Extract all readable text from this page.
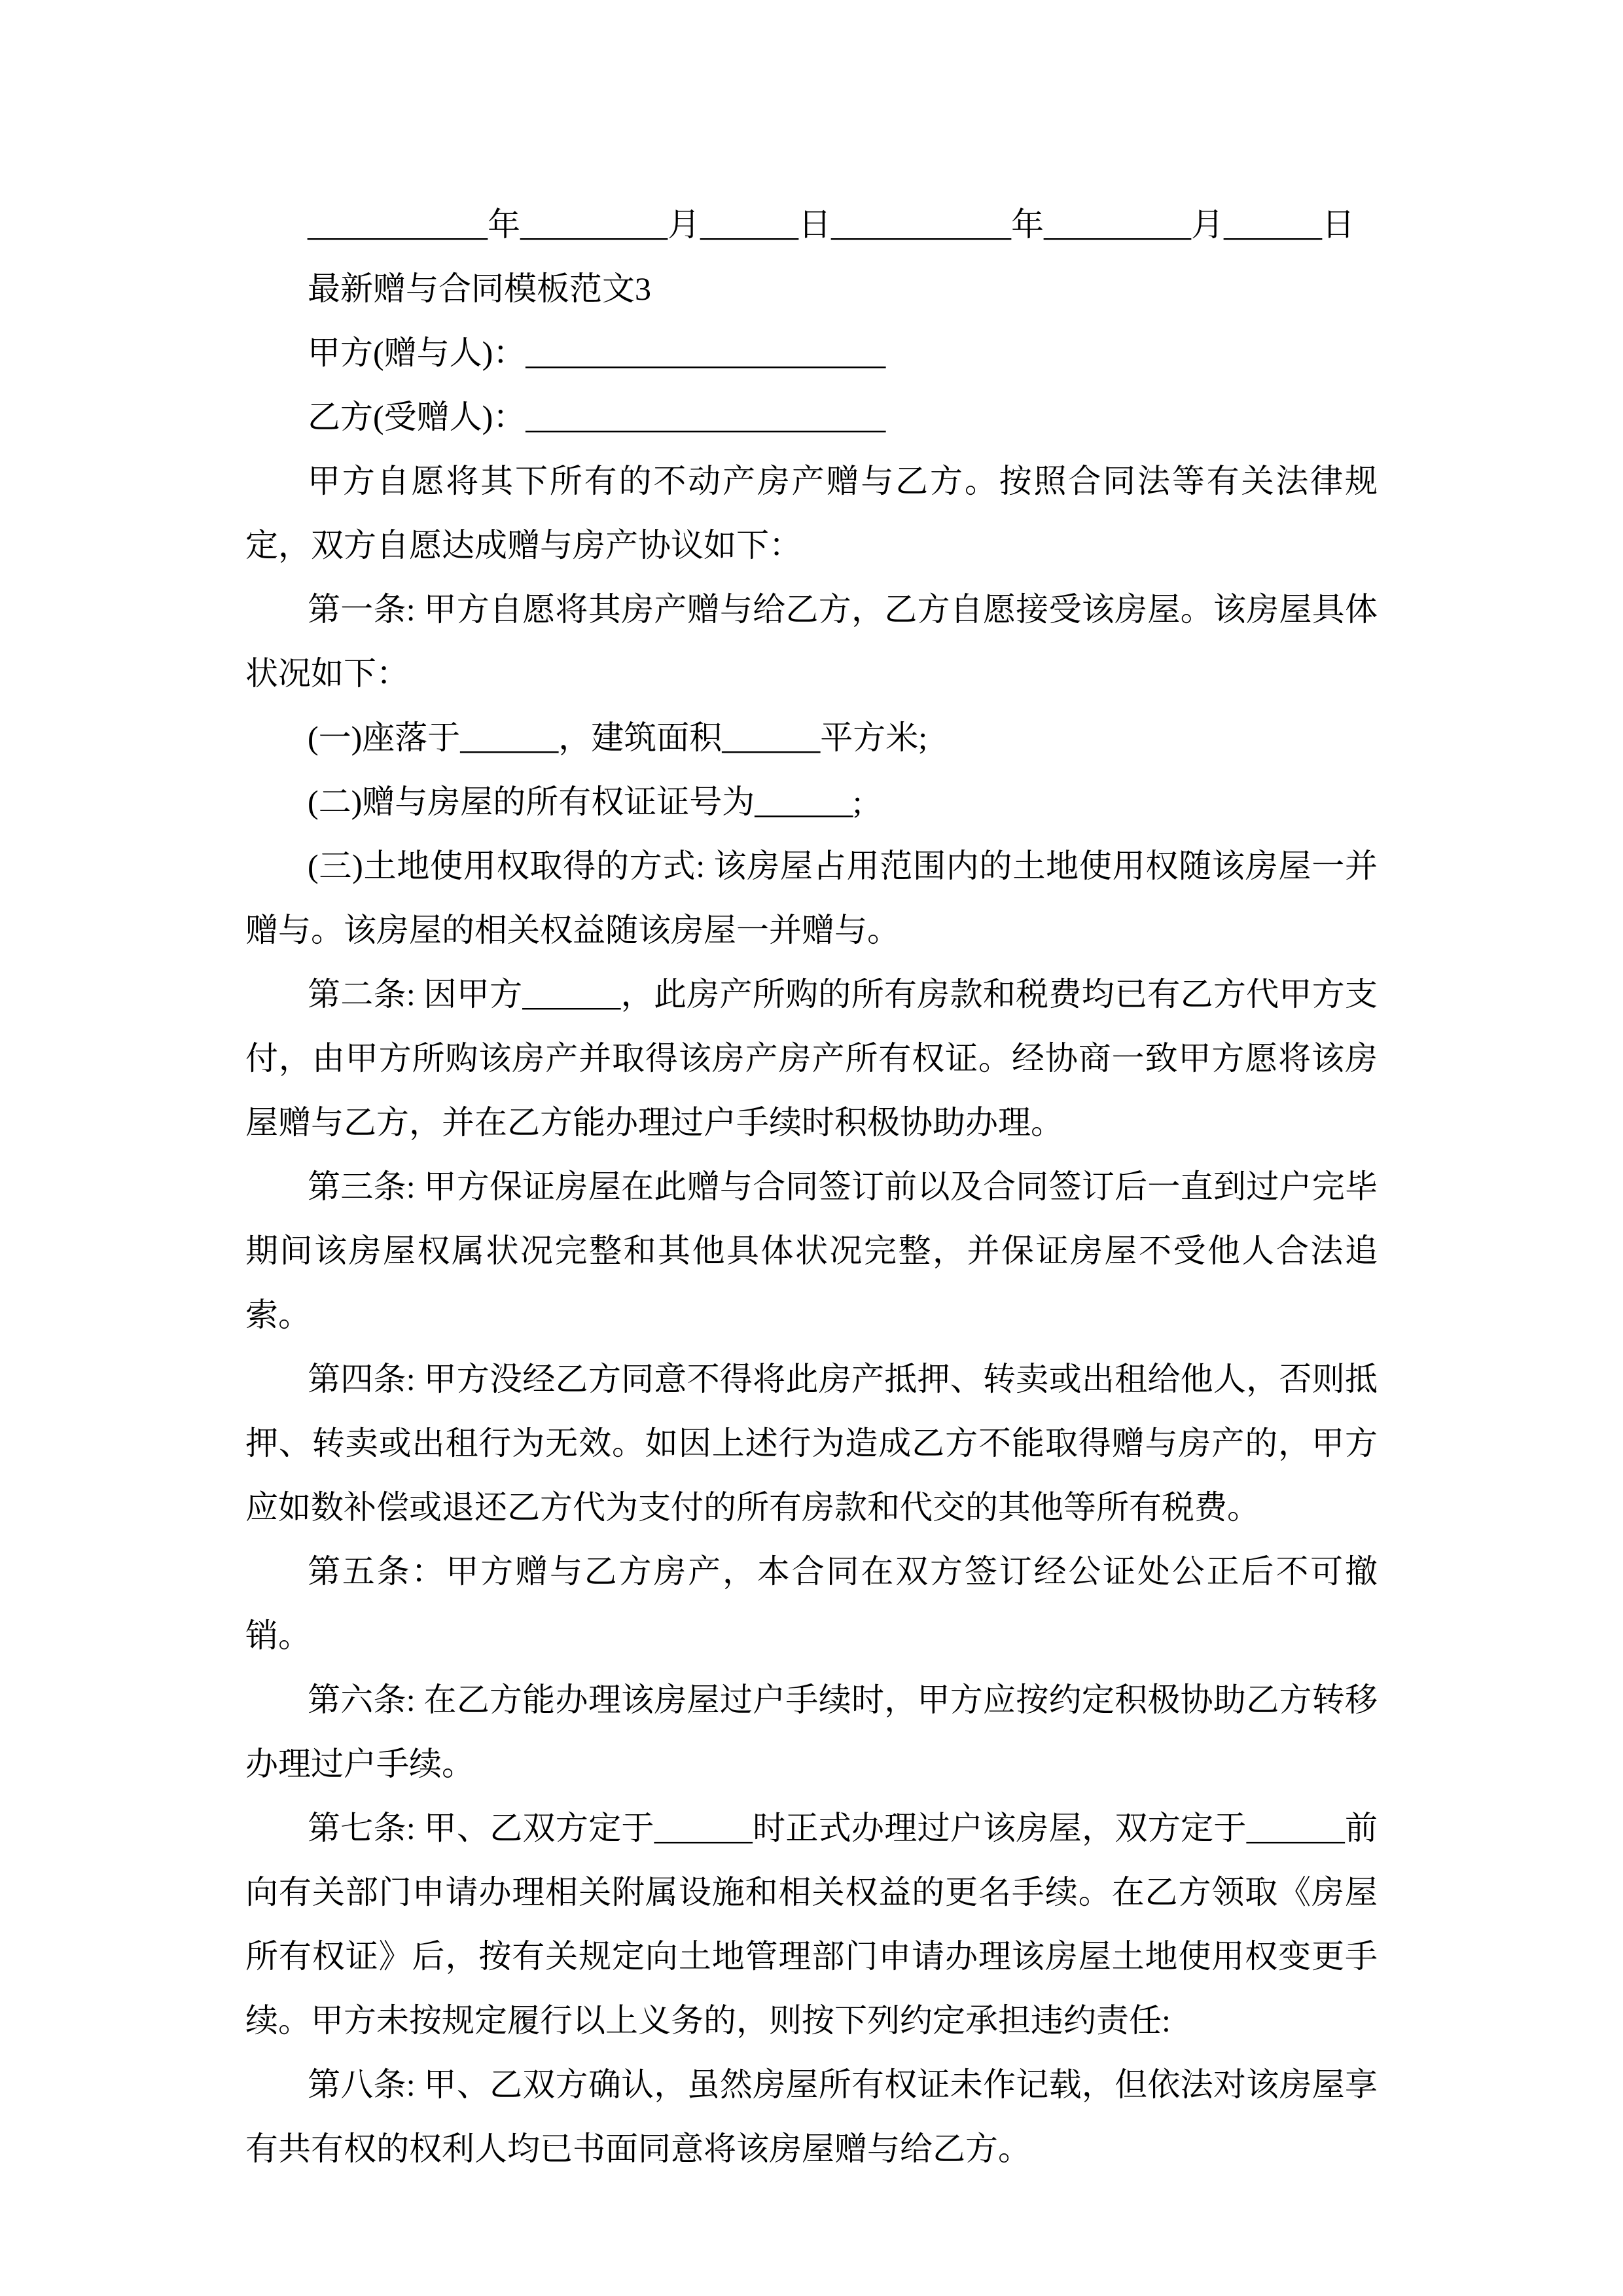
___________年_________月______日___________年_________月______日

最新赠与合同模板范文3

甲方(赠与人)：______________________

乙方(受赠人)：______________________

甲方自愿将其下所有的不动产房产赠与乙方。按照合同法等有关法律规定，双方自愿达成赠与房产协议如下：

第一条: 甲方自愿将其房产赠与给乙方，乙方自愿接受该房屋。该房屋具体状况如下：

(一)座落于______，建筑面积______平方米;

(二)赠与房屋的所有权证证号为______;

(三)土地使用权取得的方式: 该房屋占用范围内的土地使用权随该房屋一并赠与。该房屋的相关权益随该房屋一并赠与。

第二条: 因甲方______，此房产所购的所有房款和税费均已有乙方代甲方支付，由甲方所购该房产并取得该房产房产所有权证。经协商一致甲方愿将该房屋赠与乙方，并在乙方能办理过户手续时积极协助办理。

第三条: 甲方保证房屋在此赠与合同签订前以及合同签订后一直到过户完毕期间该房屋权属状况完整和其他具体状况完整，并保证房屋不受他人合法追索。

第四条: 甲方没经乙方同意不得将此房产抵押、转卖或出租给他人，否则抵押、转卖或出租行为无效。如因上述行为造成乙方不能取得赠与房产的，甲方应如数补偿或退还乙方代为支付的所有房款和代交的其他等所有税费。

第五条：甲方赠与乙方房产，本合同在双方签订经公证处公正后不可撤销。

第六条: 在乙方能办理该房屋过户手续时，甲方应按约定积极协助乙方转移办理过户手续。

第七条: 甲、乙双方定于______时正式办理过户该房屋，双方定于______前向有关部门申请办理相关附属设施和相关权益的更名手续。在乙方领取《房屋所有权证》后，按有关规定向土地管理部门申请办理该房屋土地使用权变更手续。甲方未按规定履行以上义务的，则按下列约定承担违约责任:

第八条: 甲、乙双方确认，虽然房屋所有权证未作记载，但依法对该房屋享有共有权的权利人均已书面同意将该房屋赠与给乙方。
